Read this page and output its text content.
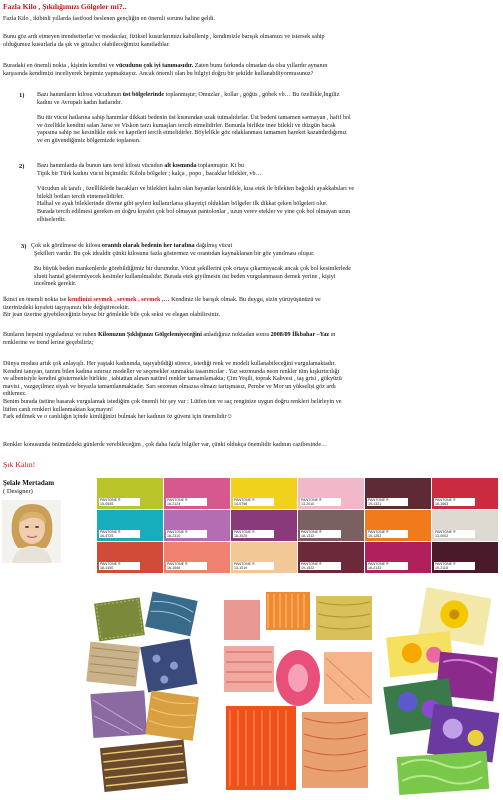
Fazla Kilo , Şıkılığımızı Gölgeler mi?..
Fazla Kilo , ikibinli yıllarda fastfood beslenen gençliğin en önemli sorunu haline geldi.
Bunu göz ardı etmeyen trendsetterlar ve modacılar, fiziksel kusurlarımızı kabullenip , kendimizle barışık olmamızı ve istersek sahip
olduğumuz kusurlarla da şık ve gözalıcı olabileceğimizi kanıtladılar.
Buradaki en önemli nokta , kişinin kendini ve vücudunu çok iyi tanımasıdır. Zaten bunu farkında olmadan da olsa yıllardır aynanın
karşısında kendimizi inceliyerek hepimiz yapmaktayız. Ancak önemli olan bu bilgiyi doğru bir şekilde kullanabiliyormusunuz?
1) Bazı hanımların kilosu vücudunun üst bölgelerinde toplanmıştır; Omuzlar , kollar , göğüs , göbek vb… Bu özellikle,İngiliz
kadını ve Avrupalı kadın hatlarıdır.
Bu tür vücut hatlarına sahip hanımlar dikkati bedenin üst kısmından uzak tutmalıdırlar. Üst bedeni tamamen sarmayan , hafif bol
ve özellikle kendini salan Jarse ve Viskon tarzı kumaşları tercih etmelidirler. Bununla birlikte inee bilekli ve düzgün bacak
yapısına sahip ise kesinlikle etek ve kaprileri tercih etmelidirler. Böylelikle göz odaklanması tamamen hareket kazandırdığımız
ve en güvendiğimiz bölgemizde toplansın.
2) Bazı hanımlarda da bunun tam tersi kilosu vücudun alt kısmında toplanmıştır. Ki bu
Tipik bir Türk kadını vücut biçimidir. Kilolu bölgeler ; kalça , popo , bacaklar bilekler, vb…
Vücudun alt tarafı , özellliklede bacakları ve bilekleri kalın olan bayanlar kesinlikle, kısa etek ile bilekten bağcıklı ayakkabıları ve
bilekli botları tercih etmemelidirler.
Halhal ve ayak bileklerinde dövme gibi şeyleri kullanırlarsa şikayetçi oldukları bölgeler ilk dikkat çeken bölgeleri olur.
Burada tercih edilmesi gereken en doğru kıyafet çok bol olmayan pantolonlar , uzun verev etekler ve yine çok bol olmayan uzun
elbiselerdir.
3) Çok sık görülmese de kilosu orantılı olarak bedenin her tarafına dağılmış vücut
Şekilleri vardır. Bu çok idealdir çünki kilosunu fazla göstermez ve orantıdan kaynaklanan bir göz yanılması oluşur.
Bu büyük beden mankenlerde görebildiğimiz bir durumdur. Vücut şekillerini çok ortaya çıkarmıyacak ancak çok bol kesimlerlede
sİueti hantal göstermiyecek kesimler kullanılmalıdır. Burada etek giyilmesin üst beden vurgulanmasın demek yerine , kişiyi
incelmek gerekir.
İkinci en önemli nokta ise kendinizi sevmek , sevmek , sevmek ,… Kendiniz ile barışık olmak. Bu duygu, sizin yürüyüşünüzü ve
üzerinizdeki kıyafeti taşıyışınızı bile değiştirecektir.
Bir jean üzerine giyebileceğiniz beyaz bir gömlekle bile çok seksi ve elegan olabilirsiniz.
Bunların hepsini uyguladınız ve ruhen Kilonuzun Şıklığınızı Gölgelemiyeceğini anladığınız noktadan sonra 2008/09 İlkbahar –Yaz ın
renklerine ve trend lerine geçebiliriz;
Dünya modası artık çok anlayışlı. Her yaştaki kadınında, taşıyabildiği sürece, istediği renk ve modeli kullanabileceğini vurgulamaktadır.
Kendini tanıyan, tarzını bilen kadına sınırsız modeller ve seçenekler sunmakta tasarımcılar . Yaz sezonunda neon renkler tüm kışkırtıcılığı
ve albenisiyle kendini göstermekle birlikte , tabiattan alınan natürel renkler tamamlamakta; Çim Yeşili, toprak Kahvesi , taş grisi , gökyüzü
mavisi , vazgeçilmez siyah ve beyazla tamamlanmaktadır. Sarı sezonun olmazsa olmazı tartışmasız, Pembe ve Mor un yükseliși göz ardı
edilemez.
Benim burada üstüne basarak vurgulamak istediğim çok önemli bir şey var ; Lütfen ten ve saç renginize uygun doğru renkleri belirleyin ve
lütfen canlı renkleri kullanmaktan kaçmayın!
Fark edilmek ve o canlılığın içinde kimliğinizi bulmak her kadının öz güveni için önemlidir☺
Renkler konusunda önümüzdeki günlerde verebileceğim , çok daha fazla bilgiler var, çünki oldukça önemlidir kadının cazibesinde…
Şık Kalın!
Şelale Mertadam
( Designer)
PANTONE ®
15-0545
PANTONE ®
16-2124
PANTONE ®
14-0756
PANTONE ®
13-2010
PANTONE ®
19-1321
PANTONE ®
18-1663
PANTONE ®
16-4725
PANTONE ®
16-2310
PANTONE ®
18-3025
PANTONE ®
18-1312
PANTONE ®
15-1263
PANTONE ®
13-0002
PANTONE ®
18-1450
PANTONE ®
16-1546
PANTONE ®
13-1019
PANTONE ®
19-1522
PANTONE ®
18-2143
PANTONE ®
19-2118
